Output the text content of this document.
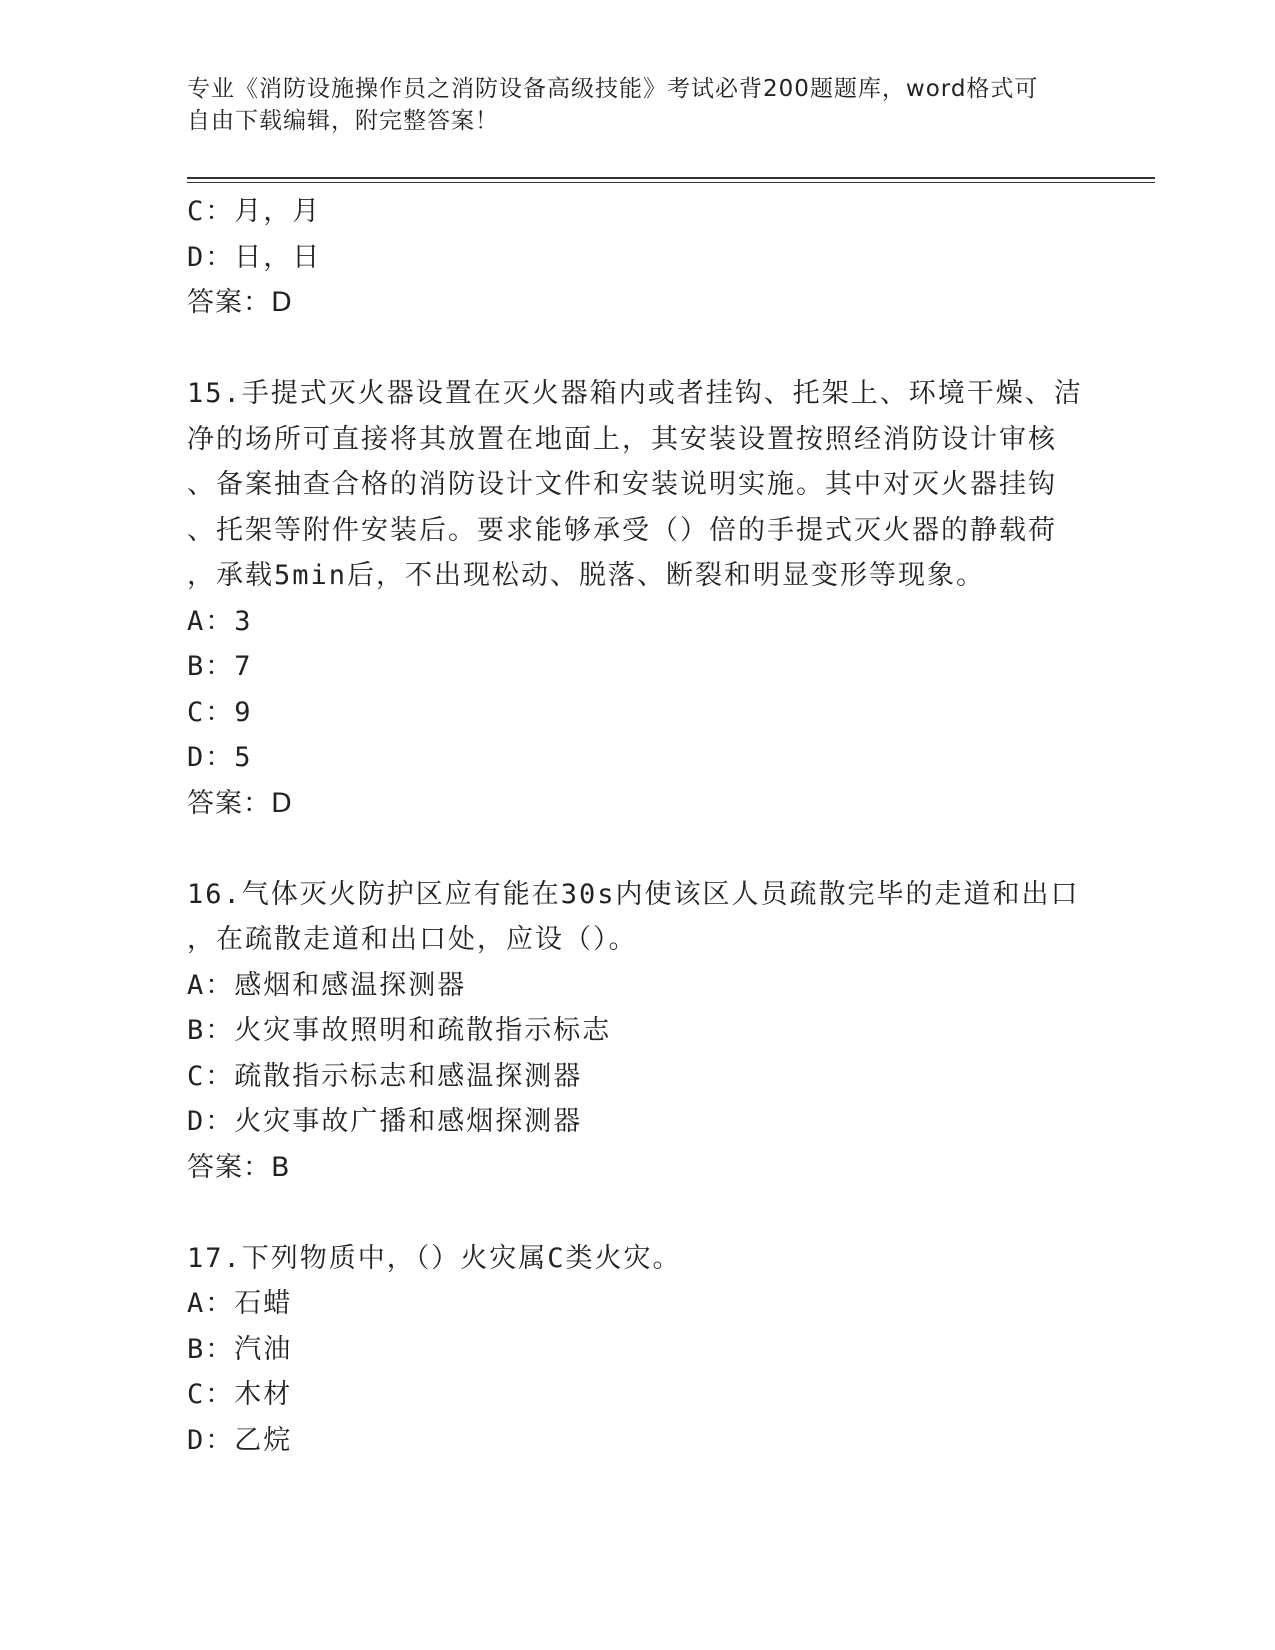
专业《消防设施操作员之消防设备高级技能》考试必背200题题库，word格式可
自由下载编辑，附完整答案！
C：月，月
D：日，日
答案：D
15.手提式灭火器设置在灭火器箱内或者挂钩、托架上、环境干燥、洁
净的场所可直接将其放置在地面上，其安装设置按照经消防设计审核
、备案抽查合格的消防设计文件和安装说明实施。其中对灭火器挂钩
、托架等附件安装后。要求能够承受（）倍的手提式灭火器的静载荷
，承载5min后，不出现松动、脱落、断裂和明显变形等现象。
A：3
B：7
C：9
D：5
答案：D
16.气体灭火防护区应有能在30s内使该区人员疏散完毕的走道和出口
，在疏散走道和出口处，应设（）。
A：感烟和感温探测器
B：火灾事故照明和疏散指示标志
C：疏散指示标志和感温探测器
D：火灾事故广播和感烟探测器
答案：B
17.下列物质中，（）火灾属C类火灾。
A：石蜡
B：汽油
C：木材
D：乙烷
